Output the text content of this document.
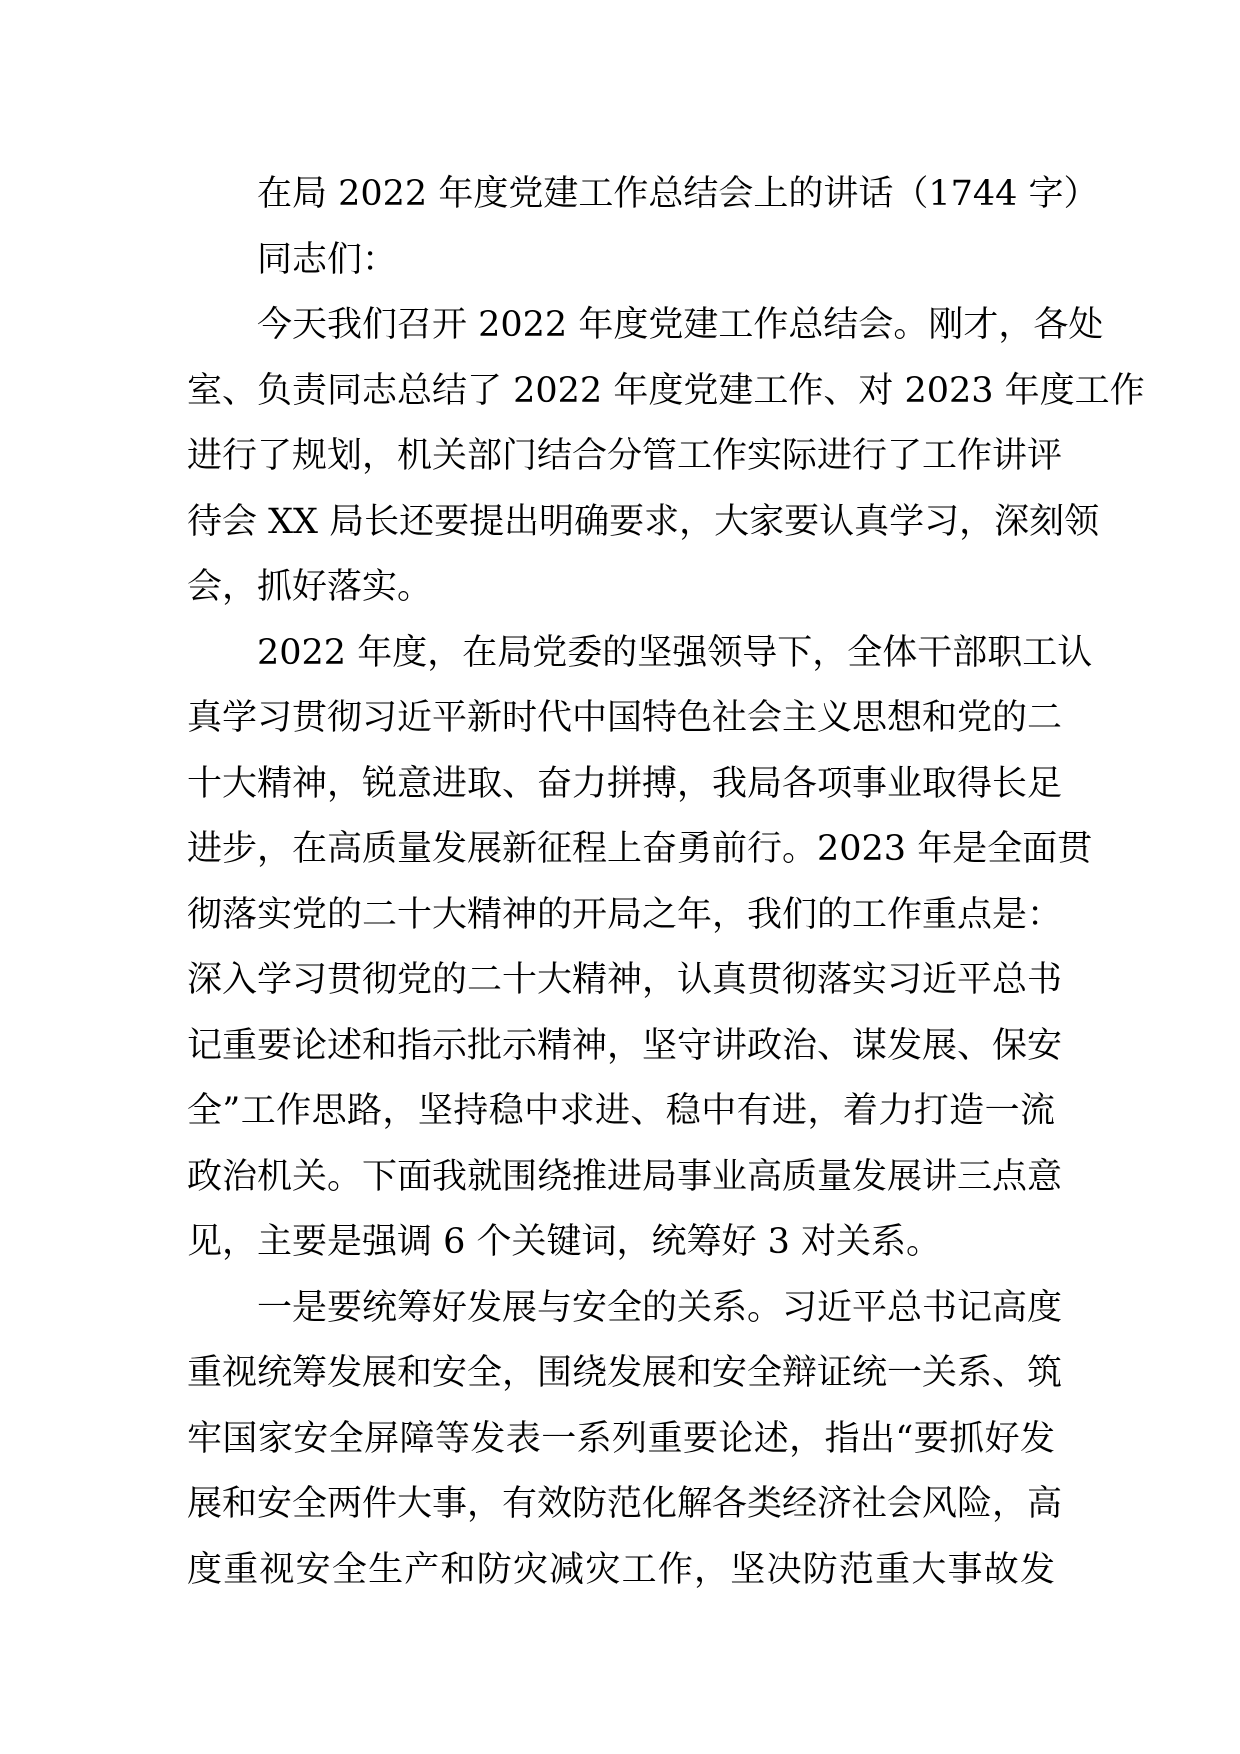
在局 2022 年度党建工作总结会上的讲话（1744 字）
同志们：
今天我们召开 2022 年度党建工作总结会。刚才，各处
室、负责同志总结了 2022 年度党建工作、对 2023 年度工作
进行了规划，机关部门结合分管工作实际进行了工作讲评
待会 XX 局长还要提出明确要求，大家要认真学习，深刻领
会，抓好落实。
2022 年度，在局党委的坚强领导下，全体干部职工认
真学习贯彻习近平新时代中国特色社会主义思想和党的二
十大精神，锐意进取、奋力拼搏，我局各项事业取得长足
进步，在高质量发展新征程上奋勇前行。2023 年是全面贯
彻落实党的二十大精神的开局之年，我们的工作重点是：
深入学习贯彻党的二十大精神，认真贯彻落实习近平总书
记重要论述和指示批示精神，坚守讲政治、谋发展、保安
全”工作思路，坚持稳中求进、稳中有进，着力打造一流
政治机关。下面我就围绕推进局事业高质量发展讲三点意
见，主要是强调 6 个关键词，统筹好 3 对关系。
一是要统筹好发展与安全的关系。习近平总书记高度
重视统筹发展和安全，围绕发展和安全辩证统一关系、筑
牢国家安全屏障等发表一系列重要论述，指出“要抓好发
展和安全两件大事，有效防范化解各类经济社会风险，高
度重视安全生产和防灾减灾工作，坚决防范重大事故发
